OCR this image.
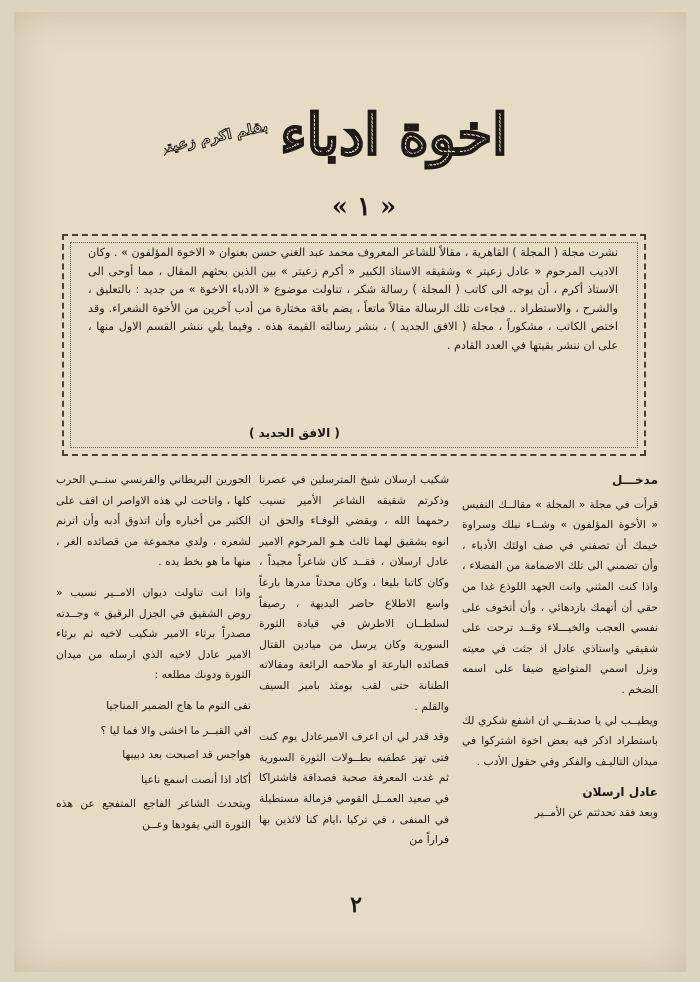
اخوة ادباء
بقلم اكرم زعيتر
« ١ »
نشرت مجلة ( المجلة ) القاهرية ، مقالاً للشاعر المعروف محمد عبد الغني حسن بعنوان « الاخوة المؤلفون » . وكان الاديب المرحوم « عادل زعيتر » وشقيقه الاستاذ الكبير « أكرم زعيتر » بين الذين بحثهم المقال ، مما أوحى الى الاستاذ أكرم ، أن يوجه الى كاتب ( المجلة ) رسالة شكر ، تناولت موضوع « الادباء الاخوة » من جديد : بالتعليق ، والشرح ، والاستطراد .. فجاءت تلك الرسالة مقالاً ماتعاً ، يضم باقة مختارة من أدب آخرين من الأخوة الشعراء. وقد اختص الكاتب ، مشكوراً ، مجلة ( الافق الجديد ) ، بنشر رسالته القيمة هذه . وفيما يلي ننشر القسم الاول منها ، على ان ننشر بقيتها في العدد القادم .
( الافق الجديد )
مدخـــل

قرأت في مجلة « المجلة » مقالــك النفيس « الأخوة المؤلفون » وشــاء نبلك وسراوة خيمك أن تصفني في صف اولئك الأدباء ، وأن تضمني الى تلك الاضمامة من الفضلاء ، واذا كنت المثني وانت الجهد اللوذع غدا من حقي أن أتهمك بازدهائي ، وأن أتخوف على نفسي العجب والخيـــلاء وقــد ترحت على شقيقي واستاذي عادل اذ جئت في معيته ونزل اسمي المتواضع ضيفا على اسمه الضخم .

ويطيــب لي يا صديقــي ان اشفع شكري لك باستطراد اذكر فيه بعض اخوة اشتركوا في ميدان التاليـف والفكر وفي حقول الأدب .

عادل ارسلان

وبعد فقد تحدثتم عن الأمــير

شكيب ارسلان شيخ المترسلين في عصرنا وذكرتم شقيقه الشاعر الأمير نسيب رحمهما الله ، ويقضي الوفـاء والحق ان انوه بشقيق لهما ثالث هـو المرحوم الامير عادل ارسلان ، فقــد كان شاعراً مجيداً ، وكان كاتبا بليغا ، وكان محدثاً مدرها بارعاً واسع الاطلاع حاضر البديهة ، رصيفاً لسلطــان الاطرش في قيادة الثورة السورية وكان يرسل من ميادين القتال قصائده البارعة او ملاحمه الرائعة ومقالاته الطنانة حتى لقب بومئذ بامير السيف والقلم .

وقد قدر لي ان اعرف الاميرعادل يوم كنت فتى تهز عطفيه بطــولات الثورة السورية ثم غدت المعرفة صحبة فصداقة فاشتراكا في صعيد العمــل القومي فزمالة مستطيلة في المنفى ، في تركيا ،ايام كنا لائذين بها فراراً من

الجورين البريطاني والفرنسي سنــي الحرب كلها ، واتاحت لي هذه الاواصر ان اقف على الكثير من أخباره وأن اتذوق أدبه وأن اترنم لشعره ، ولدي مجموعة من قصائده الغر ، منها ما هو بخط يده .

واذا انت تناولت ديوان الامــير نسيب « روض الشقيق في الجزل الرقيق » وجــدته مصدراً برثاء الامير شكيب لاخيه ثم برثاء الامير عادل لاخيه الذي ارسله من ميدان الثورة ودونك مطلعه :

نفى النوم ما هاج الضمير المناجيا
افي القبــر ما اخشى والا فما ليا ؟
هواجس قد اصبحت بعد دبيبها
أكاد اذا أنصت اسمع ناعيا

ويتحدث الشاعر الفاجع المتفجع عن هذه الثورة التي يقودها وعــن

٢
